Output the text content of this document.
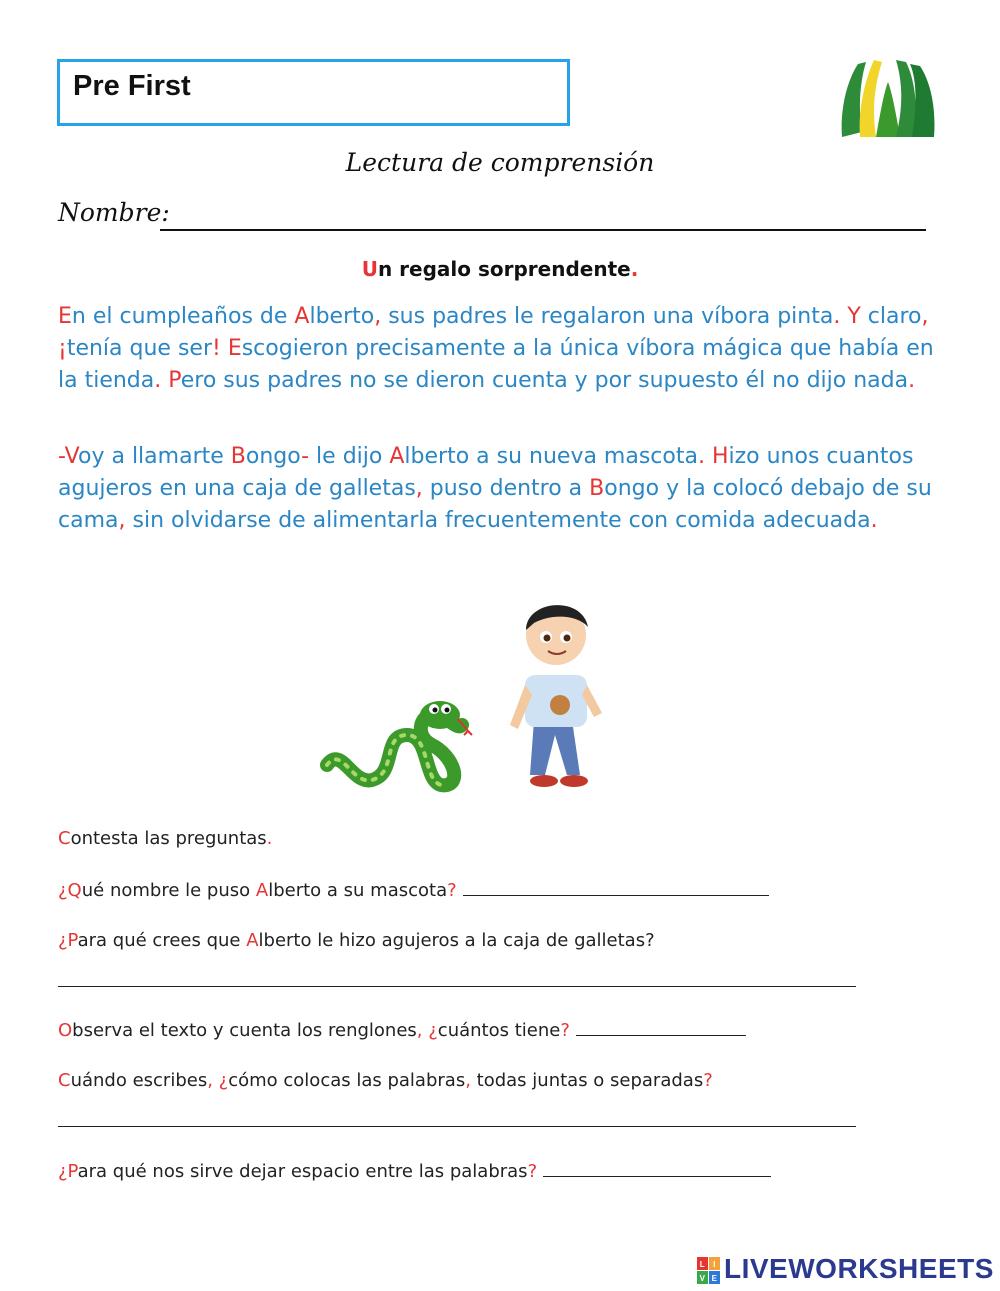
Pre First
Lectura de comprensión
Nombre:
Un regalo sorprendente.
En el cumpleaños de Alberto, sus padres le regalaron una víbora pinta. Y claro, ¡tenía que ser! Escogieron precisamente a la única víbora mágica que había en la tienda. Pero sus padres no se dieron cuenta y por supuesto él no dijo nada.
-Voy a llamarte Bongo- le dijo Alberto a su nueva mascota. Hizo unos cuantos agujeros en una caja de galletas, puso dentro a Bongo y la colocó debajo de su cama, sin olvidarse de alimentarla frecuentemente con comida adecuada.
Contesta las preguntas.
¿Qué nombre le puso Alberto a su mascota?
¿Para qué crees que Alberto le hizo agujeros a la caja de galletas?
Observa el texto y cuenta los renglones, ¿cuántos tiene?
Cuándo escribes, ¿cómo colocas las palabras, todas juntas o separadas?
¿Para qué nos sirve dejar espacio entre las palabras?
L I
V E LIVEWORKSHEETS
